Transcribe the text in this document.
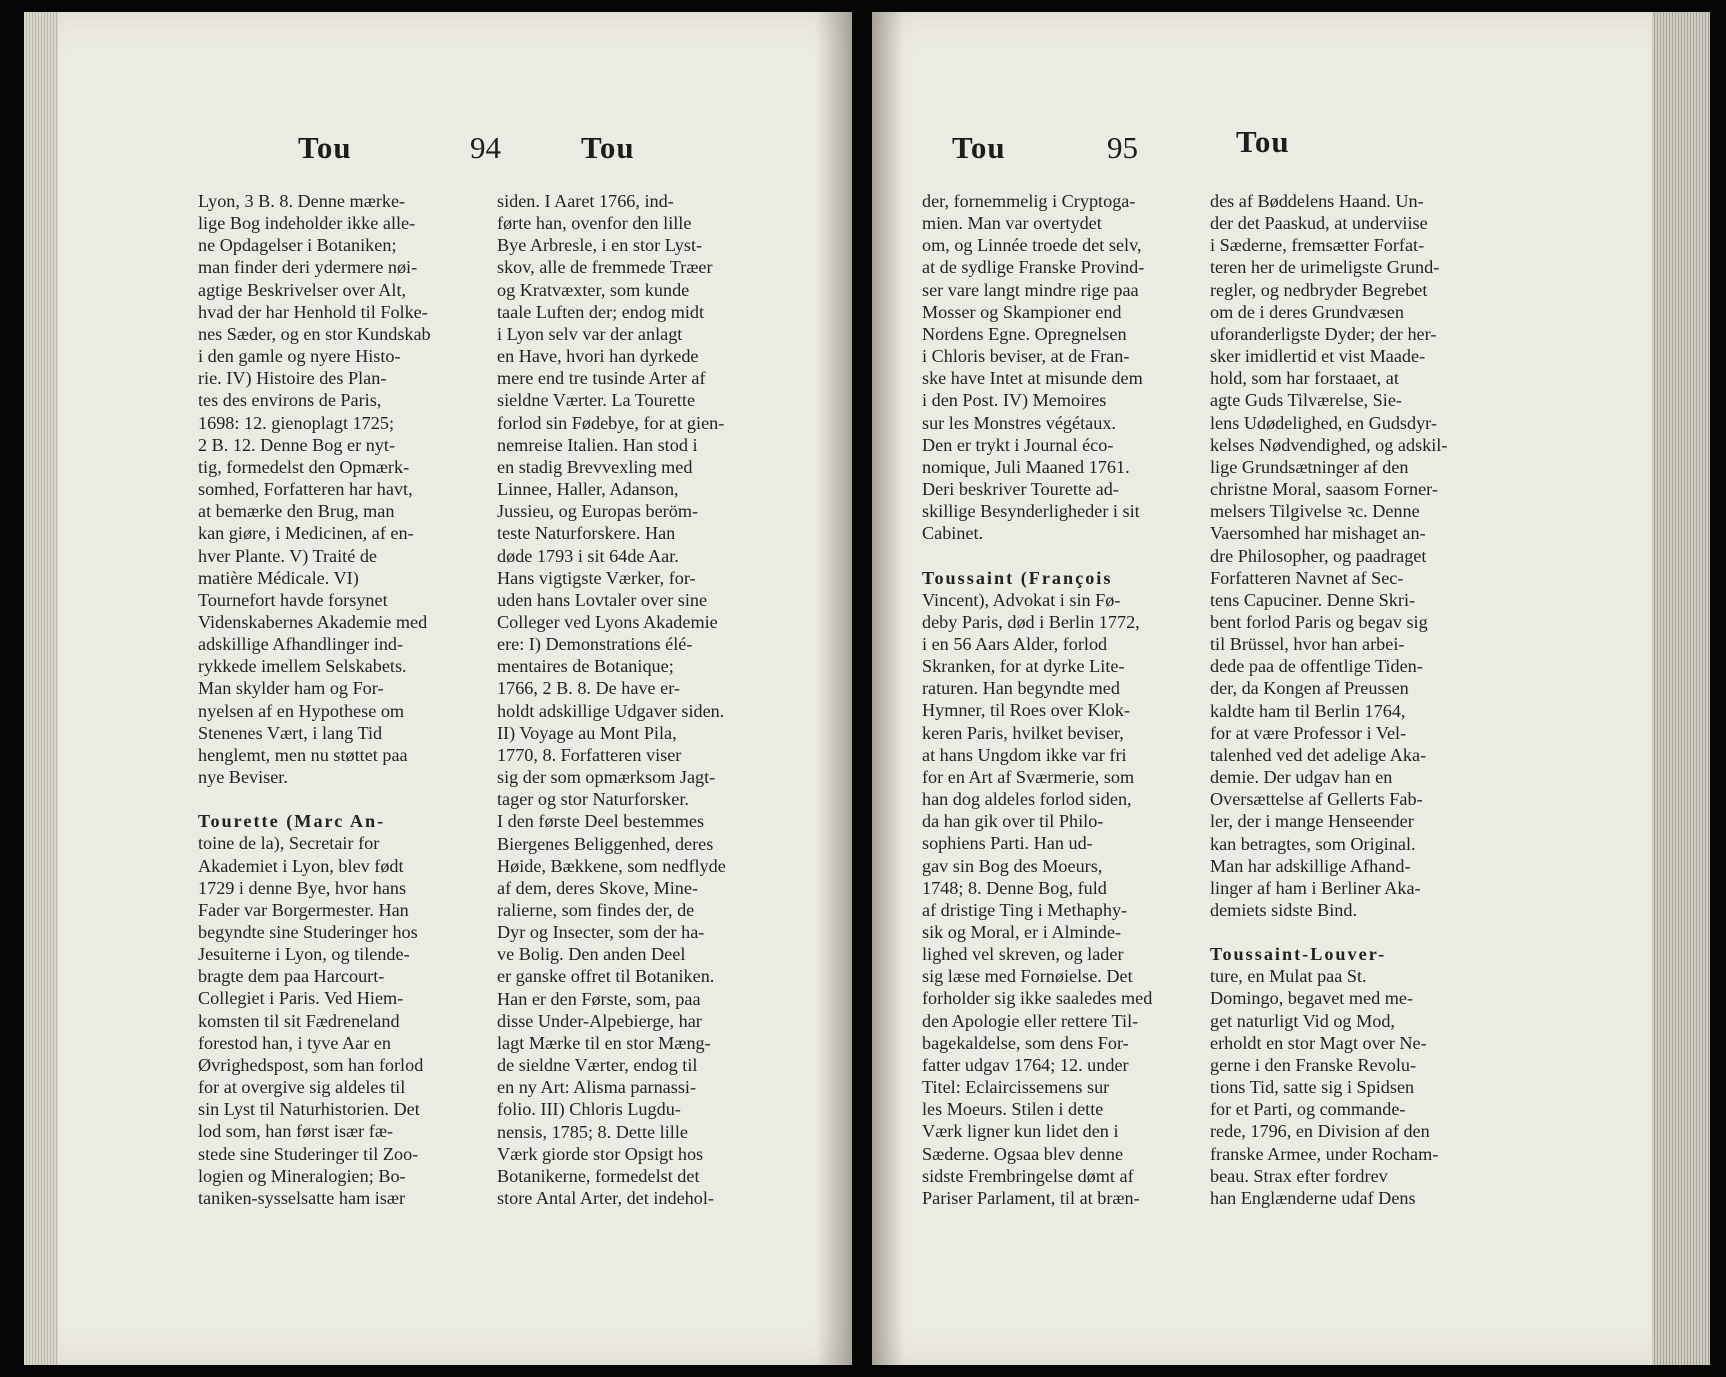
Tou	94	Tou
Lyon, 3 B. 8. Denne mærke-
lige Bog indeholder ikke alle-
ne Opdagelser i Botaniken;
man finder deri ydermere nøi-
agtige Beskrivelser over Alt,
hvad der har Henhold til Folke-
nes Sæder, og en stor Kundskab
i den gamle og nyere Histo-
rie. IV) Histoire des Plan-
tes des environs de Paris,
1698: 12. gienoplagt 1725;
2 B. 12. Denne Bog er nyt-
tig, formedelst den Opmærk-
somhed, Forfatteren har havt,
at bemærke den Brug, man
kan giøre, i Medicinen, af en-
hver Plante. V) Traité de
matière Médicale. VI)
Tournefort havde forsynet
Videnskabernes Akademie med
adskillige Afhandlinger ind-
rykkede imellem Selskabets.
Man skylder ham og For-
nyelsen af en Hypothese om
Stenenes Vært, i lang Tid
henglemt, men nu støttet paa
nye Beviser.
Tourette (Marc An-
toine de la), Secretair for
Akademiet i Lyon, blev født
1729 i denne Bye, hvor hans
Fader var Borgermester. Han
begyndte sine Studeringer hos
Jesuiterne i Lyon, og tilende-
bragte dem paa Harcourt-
Collegiet i Paris. Ved Hiem-
komsten til sit Fædreneland
forestod han, i tyve Aar en
Øvrighedspost, som han forlod
for at overgive sig aldeles til
sin Lyst til Naturhistorien. Det
lod som, han først især fæ-
stede sine Studeringer til Zoo-
logien og Mineralogien; Bo-
taniken-sysselsatte ham især
siden. I Aaret 1766, ind-
førte han, ovenfor den lille
Bye Arbresle, i en stor Lyst-
skov, alle de fremmede Træer
og Kratvæxter, som kunde
taale Luften der; endog midt
i Lyon selv var der anlagt
en Have, hvori han dyrkede
mere end tre tusinde Arter af
sieldne Værter. La Tourette
forlod sin Fødebye, for at gien-
nemreise Italien. Han stod i
en stadig Brevvexling med
Linnee, Haller, Adanson,
Jussieu, og Europas beröm-
teste Naturforskere. Han
døde 1793 i sit 64de Aar.
Hans vigtigste Værker, for-
uden hans Lovtaler over sine
Colleger ved Lyons Akademie
ere: I) Demonstrations élé-
mentaires de Botanique;
1766, 2 B. 8. De have er-
holdt adskillige Udgaver siden.
II) Voyage au Mont Pila,
1770, 8. Forfatteren viser
sig der som opmærksom Jagt-
tager og stor Naturforsker.
I den første Deel bestemmes
Biergenes Beliggenhed, deres
Høide, Bækkene, som nedflyde
af dem, deres Skove, Mine-
ralierne, som findes der, de
Dyr og Insecter, som der ha-
ve Bolig. Den anden Deel
er ganske offret til Botaniken.
Han er den Første, som, paa
disse Under-Alpebierge, har
lagt Mærke til en stor Mæng-
de sieldne Værter, endog til
en ny Art: Alisma parnassi-
folio. III) Chloris Lugdu-
nensis, 1785; 8. Dette lille
Værk giorde stor Opsigt hos
Botanikerne, formedelst det
store Antal Arter, det indehol-
Tou	95	Tou
der, fornemmelig i Cryptoga-
mien. Man var overtydet
om, og Linnée troede det selv,
at de sydlige Franske Provind-
ser vare langt mindre rige paa
Mosser og Skampioner end
Nordens Egne. Opregnelsen
i Chloris beviser, at de Fran-
ske have Intet at misunde dem
i den Post. IV) Memoires
sur les Monstres végétaux.
Den er trykt i Journal éco-
nomique, Juli Maaned 1761.
Deri beskriver Tourette ad-
skillige Besynderligheder i sit
Cabinet.
Toussaint (François
Vincent), Advokat i sin Fø-
deby Paris, død i Berlin 1772,
i en 56 Aars Alder, forlod
Skranken, for at dyrke Lite-
raturen. Han begyndte med
Hymner, til Roes over Klok-
keren Paris, hvilket beviser,
at hans Ungdom ikke var fri
for en Art af Sværmerie, som
han dog aldeles forlod siden,
da han gik over til Philo-
sophiens Parti. Han ud-
gav sin Bog des Moeurs,
1748; 8. Denne Bog, fuld
af dristige Ting i Methaphy-
sik og Moral, er i Alminde-
lighed vel skreven, og lader
sig læse med Fornøielse. Det
forholder sig ikke saaledes med
den Apologie eller rettere Til-
bagekaldelse, som dens For-
fatter udgav 1764; 12. under
Titel: Eclaircissemens sur
les Moeurs. Stilen i dette
Værk ligner kun lidet den i
Sæderne. Ogsaa blev denne
sidste Frembringelse dømt af
Pariser Parlament, til at bræn-
des af Bøddelens Haand. Un-
der det Paaskud, at underviise
i Sæderne, fremsætter Forfat-
teren her de urimeligste Grund-
regler, og nedbryder Begrebet
om de i deres Grundvæsen
uforanderligste Dyder; der her-
sker imidlertid et vist Maade-
hold, som har forstaaet, at
agte Guds Tilværelse, Sie-
lens Udødelighed, en Gudsdyr-
kelses Nødvendighed, og adskil-
lige Grundsætninger af den
christne Moral, saasom Forner-
melsers Tilgivelse ꝛc. Denne
Vaersomhed har mishaget an-
dre Philosopher, og paadraget
Forfatteren Navnet af Sec-
tens Capuciner. Denne Skri-
bent forlod Paris og begav sig
til Brüssel, hvor han arbei-
dede paa de offentlige Tiden-
der, da Kongen af Preussen
kaldte ham til Berlin 1764,
for at være Professor i Vel-
talenhed ved det adelige Aka-
demie. Der udgav han en
Oversættelse af Gellerts Fab-
ler, der i mange Henseender
kan betragtes, som Original.
Man har adskillige Afhand-
linger af ham i Berliner Aka-
demiets sidste Bind.
Toussaint-Louver-
ture, en Mulat paa St.
Domingo, begavet med me-
get naturligt Vid og Mod,
erholdt en stor Magt over Ne-
gerne i den Franske Revolu-
tions Tid, satte sig i Spidsen
for et Parti, og commande-
rede, 1796, en Division af den
franske Armee, under Rocham-
beau. Strax efter fordrev
han Englænderne udaf Dens
